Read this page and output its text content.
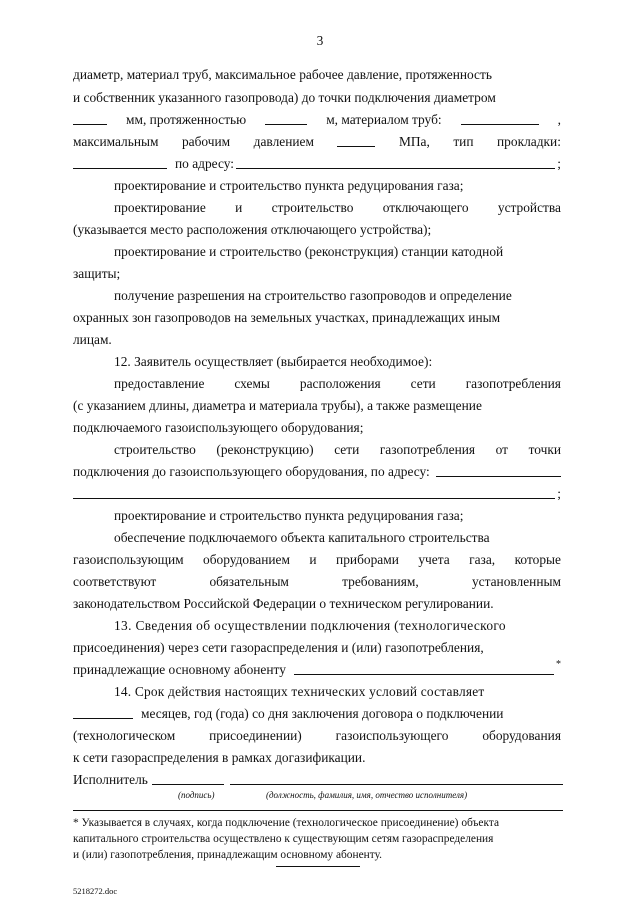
3
диаметр, материал труб, максимальное рабочее давление, протяженность
и собственник указанного газопровода) до точки подключения диаметром
мм, протяженностью	м, материалом труб:	,
максимальным рабочим давлением	МПа, тип прокладки:
по адресу:	;
проектирование и строительство пункта редуцирования газа;
проектирование и строительство отключающего устройства
(указывается место расположения отключающего устройства);
проектирование и строительство (реконструкция) станции катодной
защиты;
получение разрешения на строительство газопроводов и определение
охранных зон газопроводов на земельных участках, принадлежащих иным
лицам.
12. Заявитель осуществляет (выбирается необходимое):
предоставление схемы расположения сети газопотребления
(с указанием длины, диаметра и материала трубы), а также размещение
подключаемого газоиспользующего оборудования;
строительство (реконструкцию) сети газопотребления от точки
подключения до газоиспользующего оборудования, по адресу:
;
проектирование и строительство пункта редуцирования газа;
обеспечение подключаемого объекта капитального строительства
газоиспользующим оборудованием и приборами учета газа, которые
соответствуют	обязательным	требованиям,	установленным
законодательством Российской Федерации о техническом регулировании.
13. Сведения об осуществлении подключения (технологического
присоединения) через сети газораспределения и (или) газопотребления,
принадлежащие основному абоненту	*
14. Срок действия настоящих технических условий составляет
месяцев, год (года) со дня заключения договора о подключении
(технологическом	присоединении)	газоиспользующего	оборудования
к сети газораспределения в рамках догазификации.
Исполнитель
(подпись)	(должность, фамилия, имя, отчество исполнителя)
* Указывается в случаях, когда подключение (технологическое присоединение) объекта
капитального строительства осуществлено к существующим сетям газораспределения
и (или) газопотребления, принадлежащим основному абоненту.
5218272.doc
